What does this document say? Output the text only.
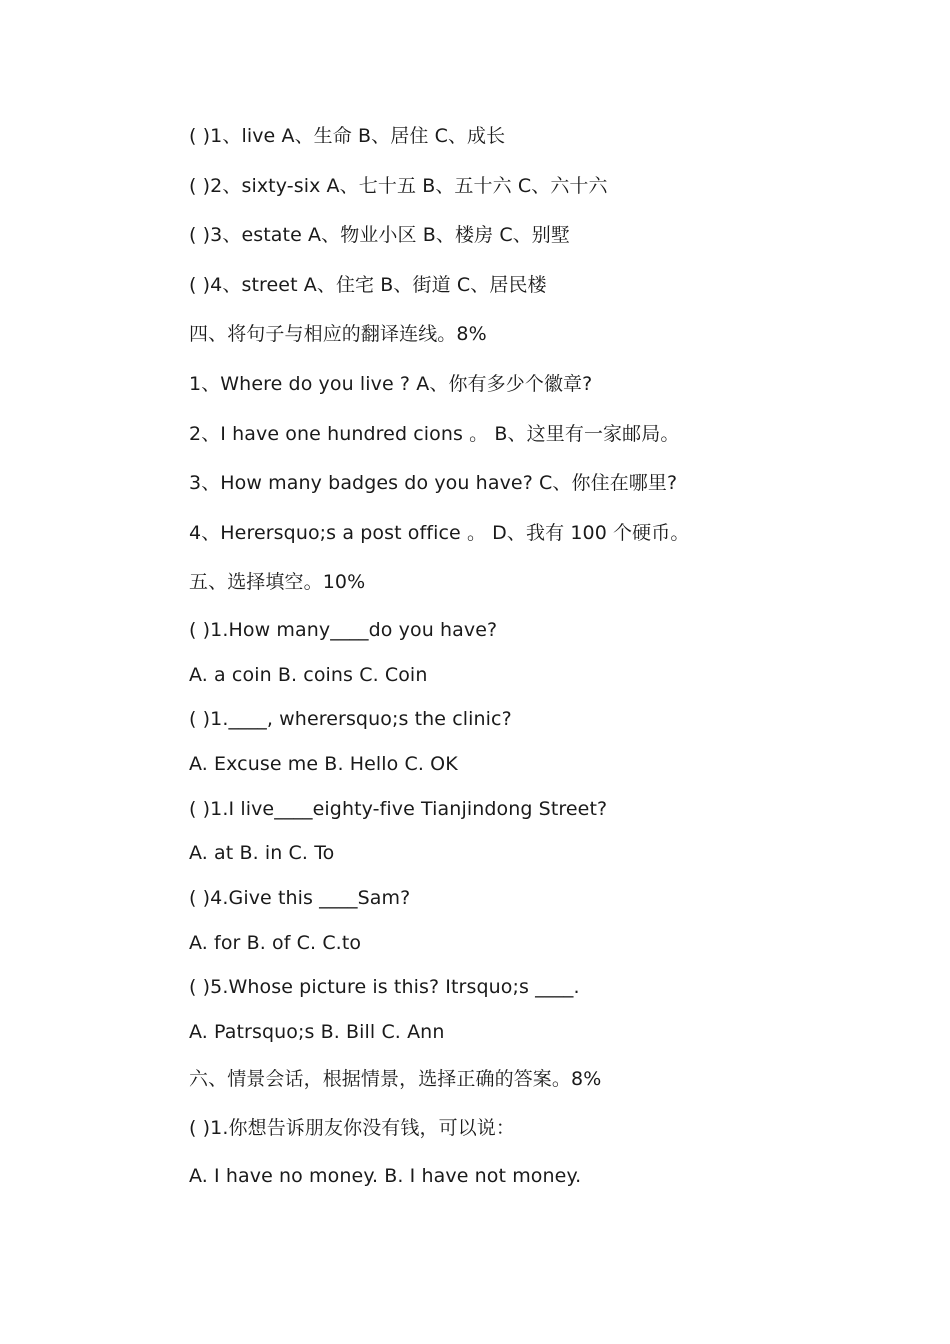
( )1、live A、生命 B、居住 C、成长
( )2、sixty-six A、七十五 B、五十六 C、六十六
( )3、estate A、物业小区 B、楼房 C、别墅
( )4、street A、住宅 B、街道 C、居民楼
四、将句子与相应的翻译连线。8%
1、Where do you live ? A、你有多少个徽章?
2、I have one hundred cions 。 B、这里有一家邮局。
3、How many badges do you have? C、你住在哪里?
4、Herersquo;s a post office 。 D、我有 100 个硬币。
五、选择填空。10%
( )1.How many____do you have?
A. a coin B. coins C. Coin
( )1.____, wherersquo;s the clinic?
A. Excuse me B. Hello C. OK
( )1.I live____eighty-five Tianjindong Street?
A. at B. in C. To
( )4.Give this ____Sam?
A. for B. of C. C.to
( )5.Whose picture is this? Itrsquo;s ____.
A. Patrsquo;s B. Bill C. Ann
六、情景会话，根据情景，选择正确的答案。8%
( )1.你想告诉朋友你没有钱，可以说：
A. I have no money. B. I have not money.
